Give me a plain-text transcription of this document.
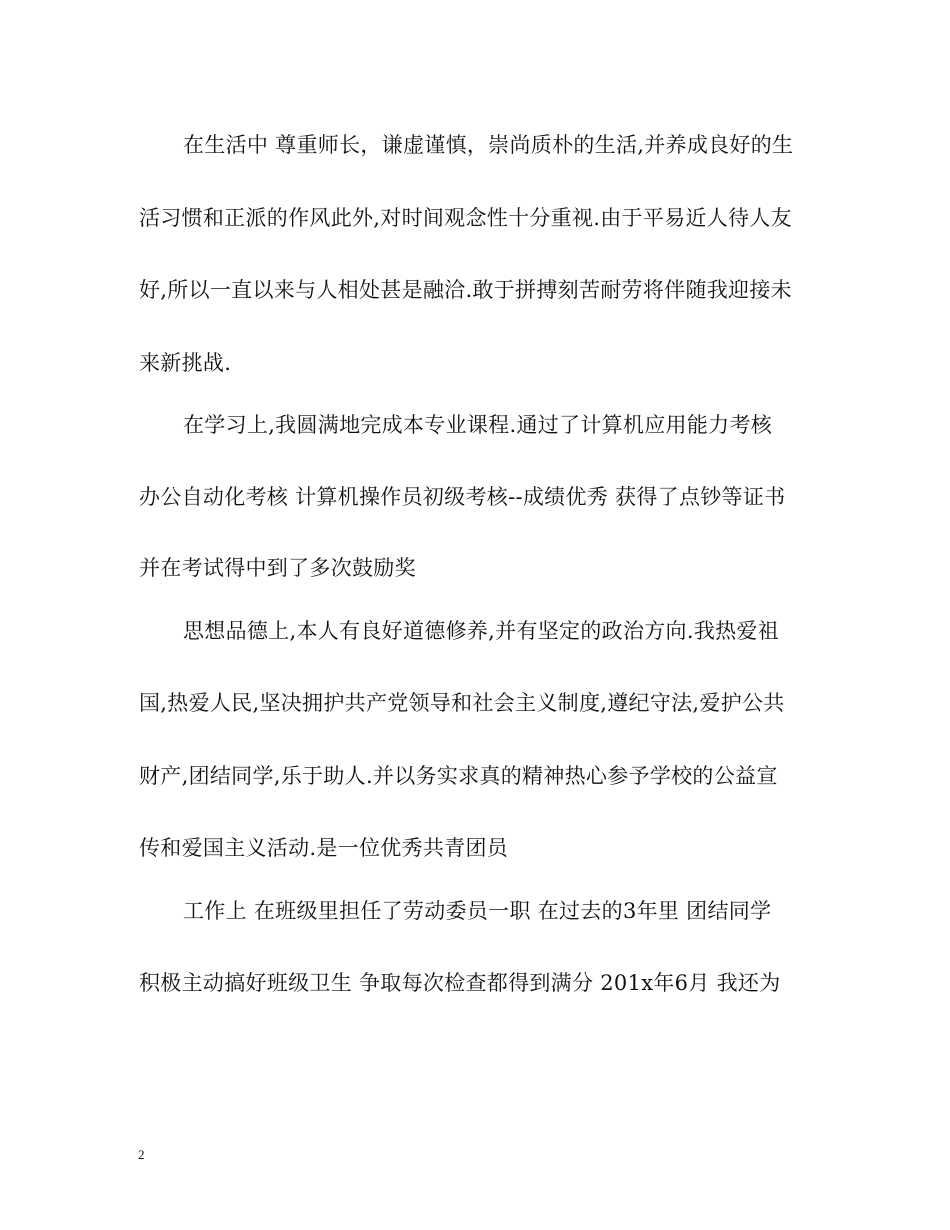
在生活中 尊重师长，谦虚谨慎，崇尚质朴的生活,并养成良好的生
活习惯和正派的作风此外,对时间观念性十分重视.由于平易近人待人友
好,所以一直以来与人相处甚是融洽.敢于拼搏刻苦耐劳将伴随我迎接未
来新挑战.
在学习上,我圆满地完成本专业课程.通过了计算机应用能力考核
办公自动化考核 计算机操作员初级考核--成绩优秀 获得了点钞等证书
并在考试得中到了多次鼓励奖
思想品德上,本人有良好道德修养,并有坚定的政治方向.我热爱祖
国,热爱人民,坚决拥护共产党领导和社会主义制度,遵纪守法,爱护公共
财产,团结同学,乐于助人.并以务实求真的精神热心参予学校的公益宣
传和爱国主义活动.是一位优秀共青团员
工作上 在班级里担任了劳动委员一职 在过去的3年里 团结同学
积极主动搞好班级卫生 争取每次检查都得到满分 201x年6月 我还为
2
